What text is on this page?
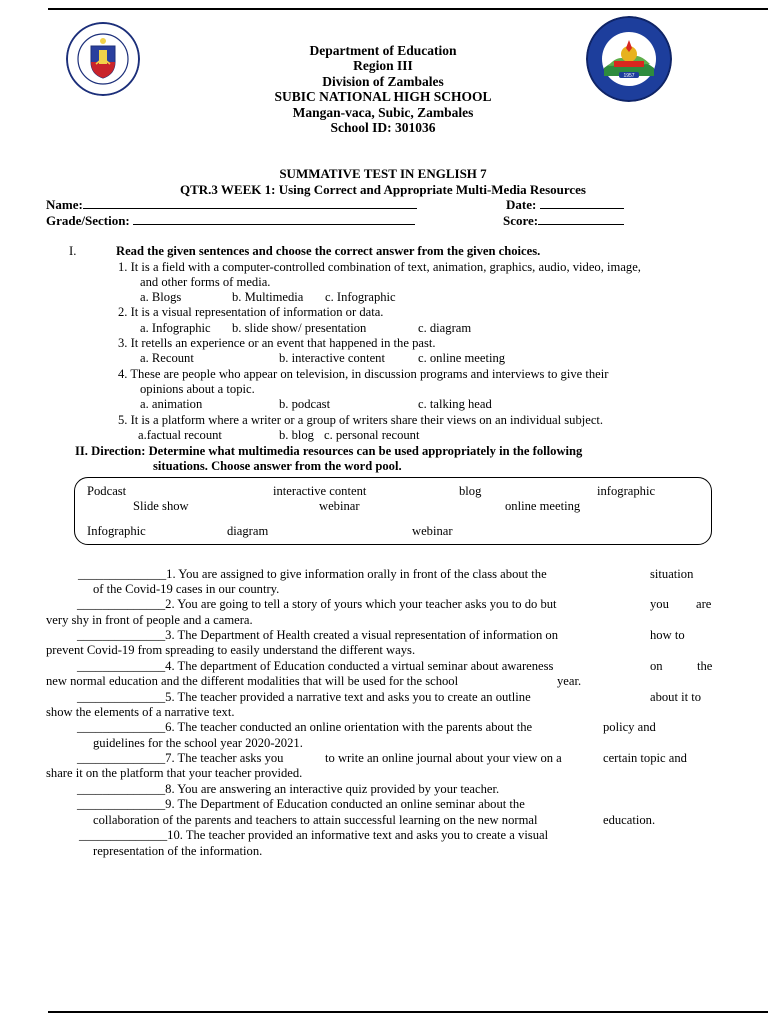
1957
Department of Education
Region III
Division of Zambales
SUBIC NATIONAL HIGH SCHOOL
Mangan-vaca, Subic, Zambales
School ID: 301036
SUMMATIVE TEST IN ENGLISH 7
QTR.3 WEEK 1: Using Correct and Appropriate Multi-Media Resources
Name:	Date:
Grade/Section:	Score:
I.	Read the given sentences and choose the correct answer from the given choices.
1. It is a field with a computer-controlled combination of text, animation, graphics, audio, video, image,
and other forms of media.
a. Blogs	b. Multimedia c. Infographic
2. It is a visual representation of information or data.
a. Infographic b. slide show/ presentation	c. diagram
3. It retells an experience or an event that happened in the past.
a. Recount	b. interactive content	c. online meeting
4. These are people who appear on television, in discussion programs and interviews to give their
opinions about a topic.
a. animation	b. podcast	c. talking head
5. It is a platform where a writer or a group of writers share their views on an individual subject.
a.factual recount	b. blog c. personal recount
II. Direction: Determine what multimedia resources can be used appropriately in the following
situations. Choose answer from the word pool.
Podcast	interactive content	blog	infographic
Slide show	webinar	online meeting
Infographic	diagram	webinar
______________1. You are assigned to give information orally in front of the class about the	situation
of the Covid-19 cases in our country.
______________2. You are going to tell a story of yours which your teacher asks you to do but	you are
very shy in front of people and a camera.
______________3. The Department of Health created a visual representation of information on	how to
prevent Covid-19 from spreading to easily understand the different ways.
______________4. The department of Education conducted a virtual seminar about awareness	on	the
new normal education and the different modalities that will be used for the school	year.
______________5. The teacher provided a narrative text and asks you to create an outline	about it to
show the elements of a narrative text.
______________6. The teacher conducted an online orientation with the parents about the	policy and
guidelines for the school year 2020-2021.
______________7. The teacher asks you	to write an online journal about your view on a	certain topic and
share it on the platform that your teacher provided.
______________8. You are answering an interactive quiz provided by your teacher.
______________9. The Department of Education conducted an online seminar about the
collaboration of the parents and teachers to attain successful learning on the new normal	education.
______________10. The teacher provided an informative text and asks you to create a visual
representation of the information.
